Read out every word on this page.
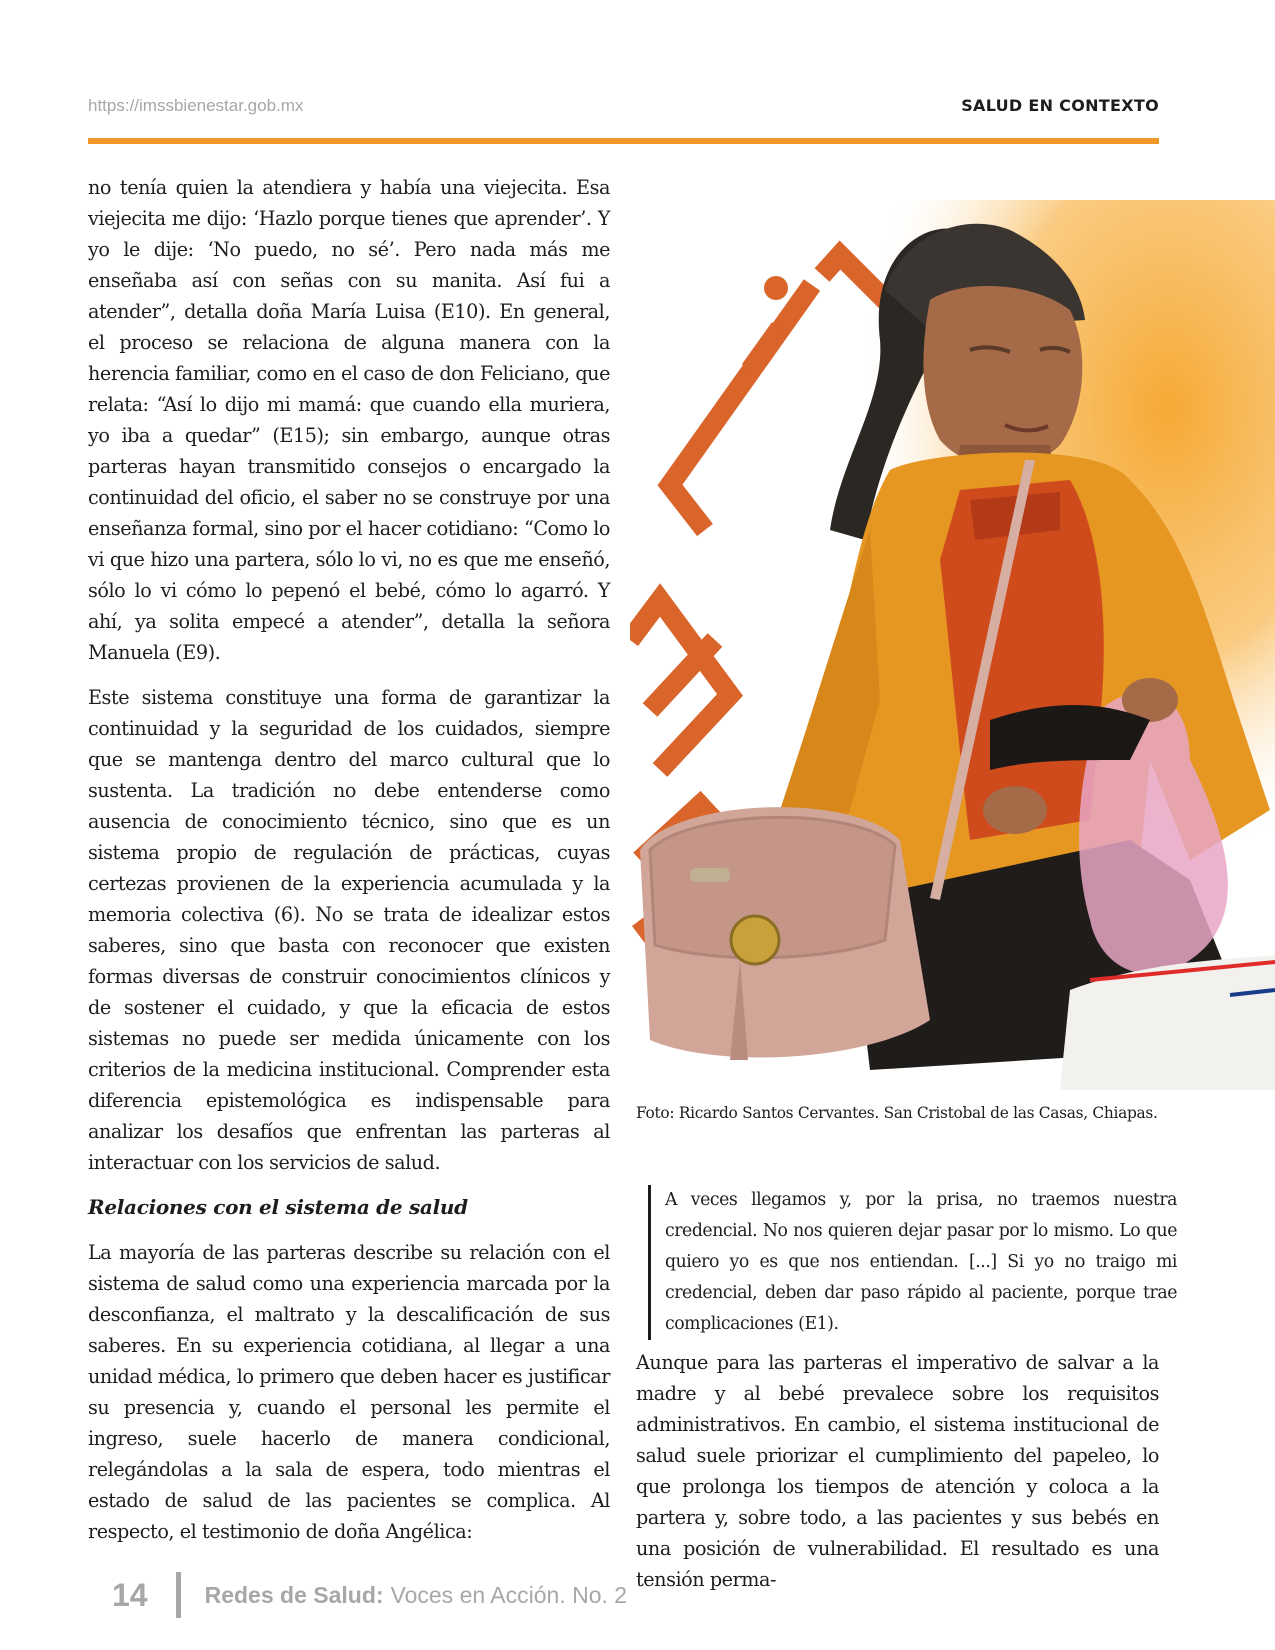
https://imssbienestar.gob.mx	SALUD EN CONTEXTO

no tenía quien la atendiera y había una viejecita. Esa viejecita me dijo: ‘Hazlo porque tienes que aprender’. Y yo le dije: ‘No puedo, no sé’. Pero nada más me enseñaba así con señas con su manita. Así fui a atender”, detalla doña María Luisa (E10). En general, el proceso se relaciona de alguna manera con la herencia familiar, como en el caso de don Feliciano, que relata: “Así lo dijo mi mamá: que cuando ella muriera, yo iba a quedar” (E15); sin embargo, aunque otras parteras hayan transmitido consejos o encargado la continuidad del oficio, el saber no se construye por una enseñanza formal, sino por el hacer cotidiano: “Como lo vi que hizo una partera, sólo lo vi, no es que me enseñó, sólo lo vi cómo lo pepenó el bebé, cómo lo agarró. Y ahí, ya solita empecé a atender”, detalla la señora Manuela (E9).

Este sistema constituye una forma de garantizar la continuidad y la seguridad de los cuidados, siempre que se mantenga dentro del marco cultural que lo sustenta. La tradición no debe entenderse como ausencia de conocimiento técnico, sino que es un sistema propio de regulación de prácticas, cuyas certezas provienen de la experiencia acumulada y la memoria colectiva (6). No se trata de idealizar estos saberes, sino que basta con reconocer que existen formas diversas de construir conocimientos clínicos y de sostener el cuidado, y que la eficacia de estos sistemas no puede ser medida únicamente con los criterios de la medicina institucional. Comprender esta diferencia epistemológica es indispensable para analizar los desafíos que enfrentan las parteras al interactuar con los servicios de salud.

Relaciones con el sistema de salud

La mayoría de las parteras describe su relación con el sistema de salud como una experiencia marcada por la desconfianza, el maltrato y la descalificación de sus saberes. En su experiencia cotidiana, al llegar a una unidad médica, lo primero que deben hacer es justificar su presencia y, cuando el personal les permite el ingreso, suele hacerlo de manera condicional, relegándolas a la sala de espera, todo mientras el estado de salud de las pacientes se complica. Al respecto, el testimonio de doña Angélica:

Foto: Ricardo Santos Cervantes. San Cristobal de las Casas, Chiapas.
A veces llegamos y, por la prisa, no traemos nuestra credencial. No nos quieren dejar pasar por lo mismo. Lo que quiero yo es que nos entiendan. [...] Si yo no traigo mi credencial, deben dar paso rápido al paciente, porque trae complicaciones (E1).

Aunque para las parteras el imperativo de salvar a la madre y al bebé prevalece sobre los requisitos administrativos. En cambio, el sistema institucional de salud suele priorizar el cumplimiento del papeleo, lo que prolonga los tiempos de atención y coloca a la partera y, sobre todo, a las pacientes y sus bebés en una posición de vulnerabilidad. El resultado es una tensión perma-

14 Redes de Salud: Voces en Acción. No. 2
